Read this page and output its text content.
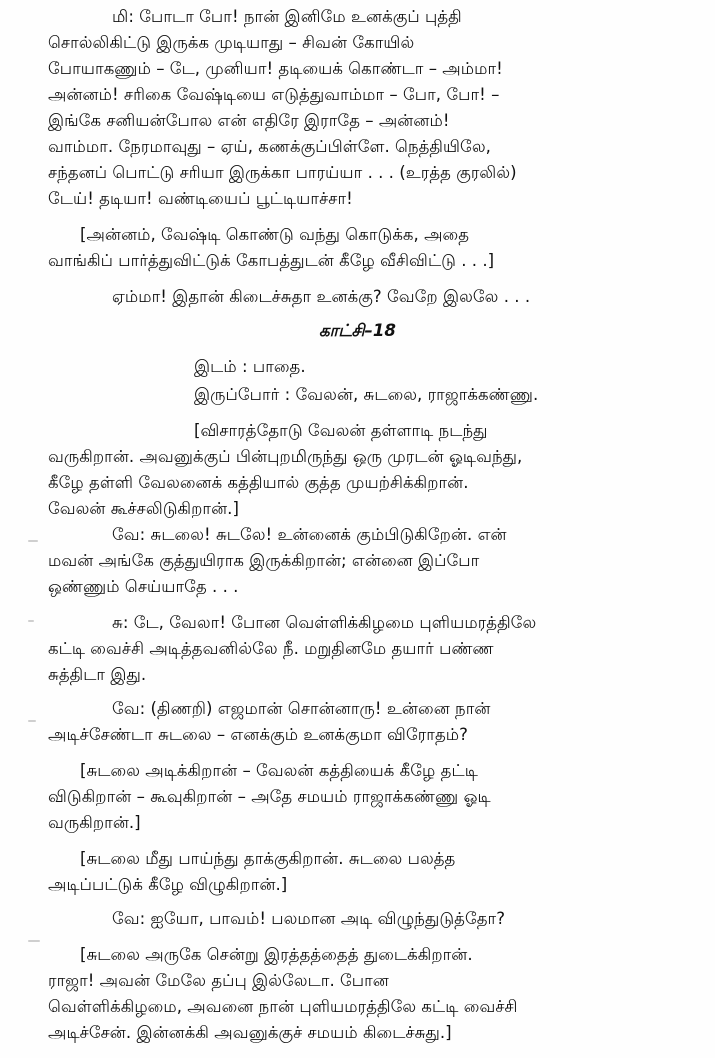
மி: போடா போ! நான் இனிமே உனக்குப் புத்தி
சொல்லிகிட்டு இருக்க முடியாது – சிவன் கோயில்
போயாகணும் – டே, முனியா! தடியைக் கொண்டா – அம்மா!
அன்னம்! சரிகை வேஷ்டியை எடுத்துவாம்மா – போ, போ! –
இங்கே சனியன்போல என் எதிரே இராதே – அன்னம்!
வாம்மா. நேரமாவுது – ஏய், கணக்குப்பிள்ளே. நெத்தியிலே,
சந்தனப் பொட்டு சரியா இருக்கா பாரய்யா . . . (உரத்த குரலில்)
டேய்! தடியா! வண்டியைப் பூட்டியாச்சா!
[அன்னம், வேஷ்டி கொண்டு வந்து கொடுக்க, அதை
வாங்கிப் பார்த்துவிட்டுக் கோபத்துடன் கீழே வீசிவிட்டு . . .]
ஏம்மா! இதான் கிடைச்சுதா உனக்கு? வேறே இலலே . . .
காட்சி–18
இடம் : பாதை.
இருப்போர் : வேலன், சுடலை, ராஜாக்கண்ணு.
[விசாரத்தோடு வேலன் தள்ளாடி நடந்து
வருகிறான். அவனுக்குப் பின்புறமிருந்து ஒரு முரடன் ஓடிவந்து,
கீழே தள்ளி வேலனைக் கத்தியால் குத்த முயற்சிக்கிறான்.
வேலன் கூச்சலிடுகிறான்.]
வே: சுடலை! சுடலே! உன்னைக் கும்பிடுகிறேன். என்
மவன் அங்கே குத்துயிராக இருக்கிறான்; என்னை இப்போ
ஒண்ணும் செய்யாதே . . .
சு: டே, வேலா! போன வெள்ளிக்கிழமை புளியமரத்திலே
கட்டி வைச்சி அடித்தவனில்லே நீ. மறுதினமே தயார் பண்ண
சுத்திடா இது.
வே: (திணறி) எஜமான் சொன்னாரு! உன்னை நான்
அடிச்சேண்டா சுடலை – எனக்கும் உனக்குமா விரோதம்?
[சுடலை அடிக்கிறான் – வேலன் கத்தியைக் கீழே தட்டி
விடுகிறான் – கூவுகிறான் – அதே சமயம் ராஜாக்கண்ணு ஓடி
வருகிறான்.]
[சுடலை மீது பாய்ந்து தாக்குகிறான். சுடலை பலத்த
அடிப்பட்டுக் கீழே விழுகிறான்.]
வே: ஐயோ, பாவம்! பலமான அடி விழுந்துடுத்தோ?
[சுடலை அருகே சென்று இரத்தத்தைத் துடைக்கிறான்.
ராஜா! அவன் மேலே தப்பு இல்லேடா. போன
வெள்ளிக்கிழமை, அவனை நான் புளியமரத்திலே கட்டி வைச்சி
அடிச்சேன். இன்னக்கி அவனுக்குச் சமயம் கிடைச்சுது.]
